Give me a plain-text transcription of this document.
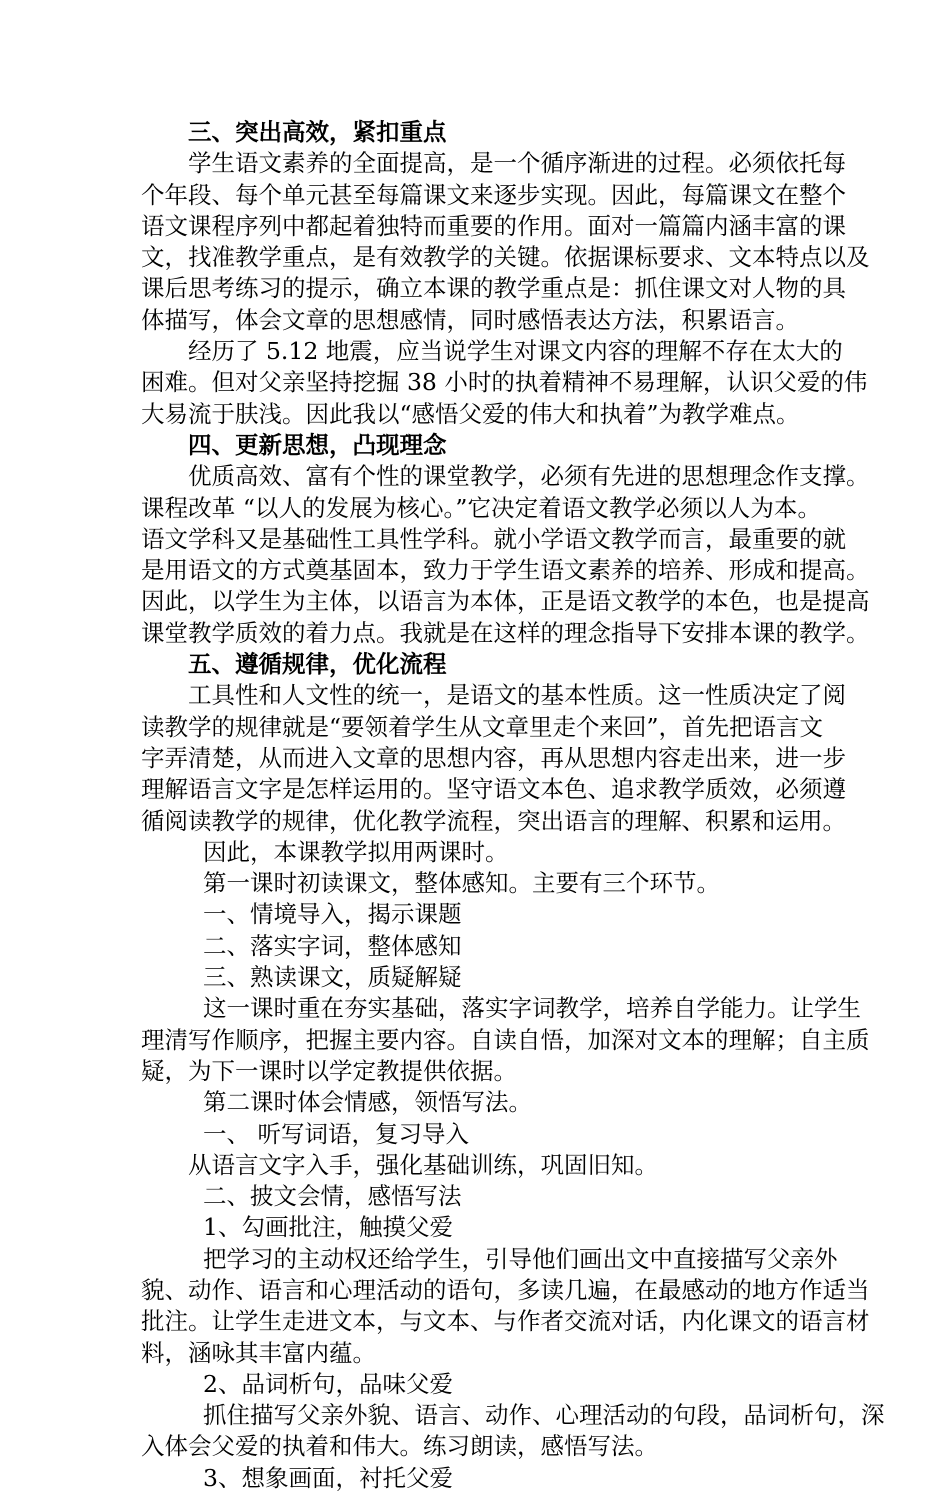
三、突出高效，紧扣重点
学生语文素养的全面提高，是一个循序渐进的过程。必须依托每
个年段、每个单元甚至每篇课文来逐步实现。因此，每篇课文在整个
语文课程序列中都起着独特而重要的作用。面对一篇篇内涵丰富的课
文，找准教学重点，是有效教学的关键。依据课标要求、文本特点以及
课后思考练习的提示，确立本课的教学重点是：抓住课文对人物的具
体描写，体会文章的思想感情，同时感悟表达方法，积累语言。
经历了 5.12 地震，应当说学生对课文内容的理解不存在太大的
困难。但对父亲坚持挖掘 38 小时的执着精神不易理解，认识父爱的伟
大易流于肤浅。因此我以“感悟父爱的伟大和执着”为教学难点。
四、更新思想，凸现理念
优质高效、富有个性的课堂教学，必须有先进的思想理念作支撑。
课程改革 “以人的发展为核心。”它决定着语文教学必须以人为本。
语文学科又是基础性工具性学科。就小学语文教学而言，最重要的就
是用语文的方式奠基固本，致力于学生语文素养的培养、形成和提高。
因此，以学生为主体，以语言为本体，正是语文教学的本色，也是提高
课堂教学质效的着力点。我就是在这样的理念指导下安排本课的教学。
五、遵循规律，优化流程
工具性和人文性的统一，是语文的基本性质。这一性质决定了阅
读教学的规律就是“要领着学生从文章里走个来回”，首先把语言文
字弄清楚，从而进入文章的思想内容，再从思想内容走出来，进一步
理解语言文字是怎样运用的。坚守语文本色、追求教学质效，必须遵
循阅读教学的规律，优化教学流程，突出语言的理解、积累和运用。
因此，本课教学拟用两课时。
第一课时初读课文，整体感知。主要有三个环节。
一、情境导入，揭示课题
二、落实字词，整体感知
三、熟读课文，质疑解疑
这一课时重在夯实基础，落实字词教学，培养自学能力。让学生
理清写作顺序，把握主要内容。自读自悟，加深对文本的理解；自主质
疑，为下一课时以学定教提供依据。
第二课时体会情感，领悟写法。
一、 听写词语，复习导入
从语言文字入手，强化基础训练，巩固旧知。
二、披文会情，感悟写法
1、勾画批注，触摸父爱
把学习的主动权还给学生，引导他们画出文中直接描写父亲外
貌、动作、语言和心理活动的语句，多读几遍，在最感动的地方作适当
批注。让学生走进文本，与文本、与作者交流对话，内化课文的语言材
料，涵咏其丰富内蕴。
2、品词析句，品味父爱
抓住描写父亲外貌、语言、动作、心理活动的句段，品词析句，深
入体会父爱的执着和伟大。练习朗读，感悟写法。
3、想象画面，衬托父爱
